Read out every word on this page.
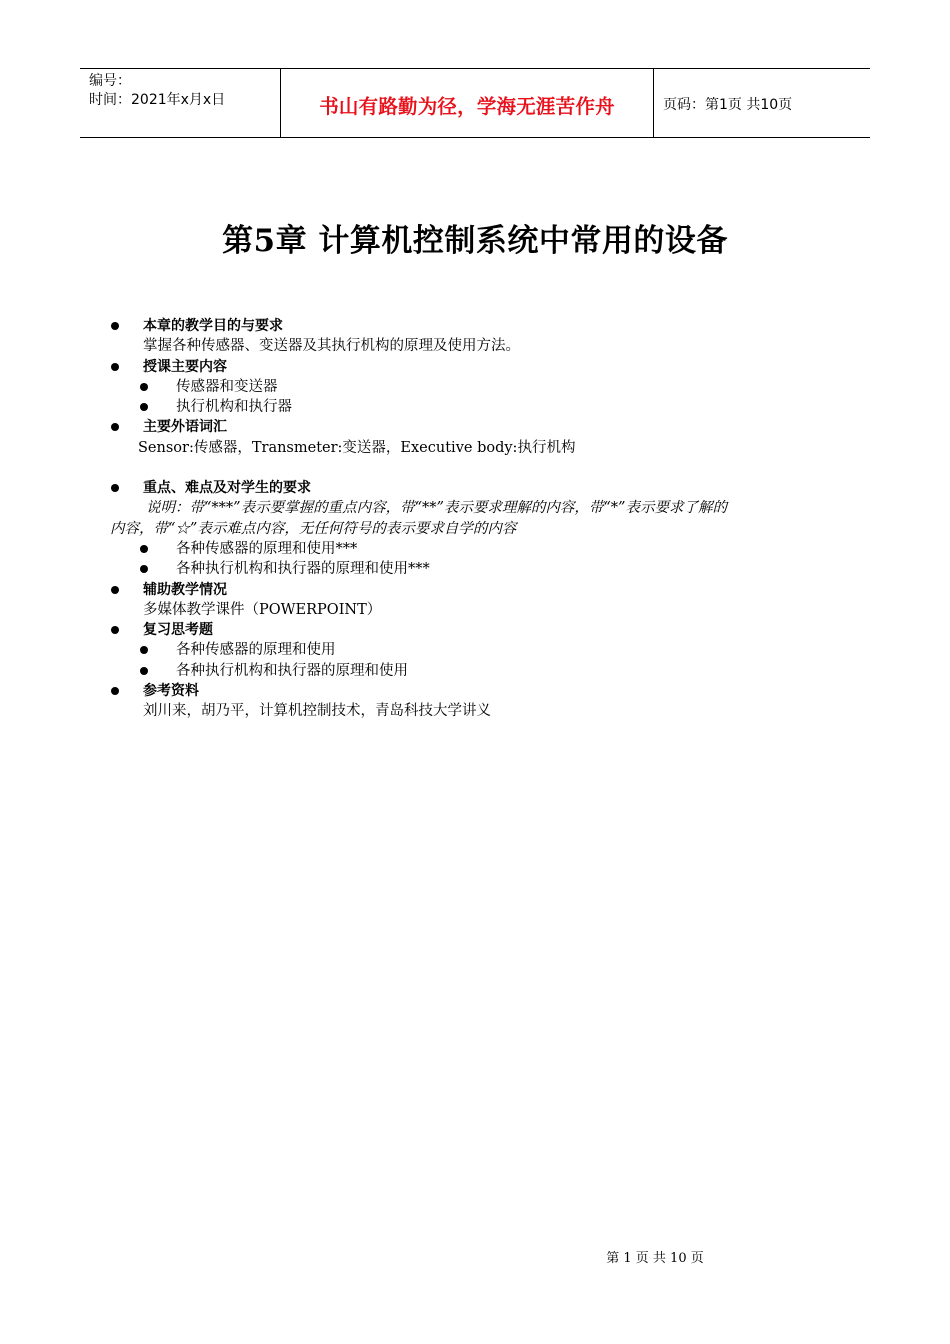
编号：
时间：2021年x月x日	书山有路勤为径，学海无涯苦作舟	页码：第1页 共10页
第5章 计算机控制系统中常用的设备
本章的教学目的与要求
掌握各种传感器、变送器及其执行机构的原理及使用方法。
授课主要内容
传感器和变送器
执行机构和执行器
主要外语词汇
Sensor:传感器，Transmeter:变送器，Executive body:执行机构
重点、难点及对学生的要求
说明：带“***”表示要掌握的重点内容，带“**”表示要求理解的内容，带“*”表示要求了解的
内容，带“☆”表示难点内容，无任何符号的表示要求自学的内容
各种传感器的原理和使用***
各种执行机构和执行器的原理和使用***
辅助教学情况
多媒体教学课件（POWERPOINT）
复习思考题
各种传感器的原理和使用
各种执行机构和执行器的原理和使用
参考资料
刘川来，胡乃平，计算机控制技术，青岛科技大学讲义
第 1 页 共 10 页
